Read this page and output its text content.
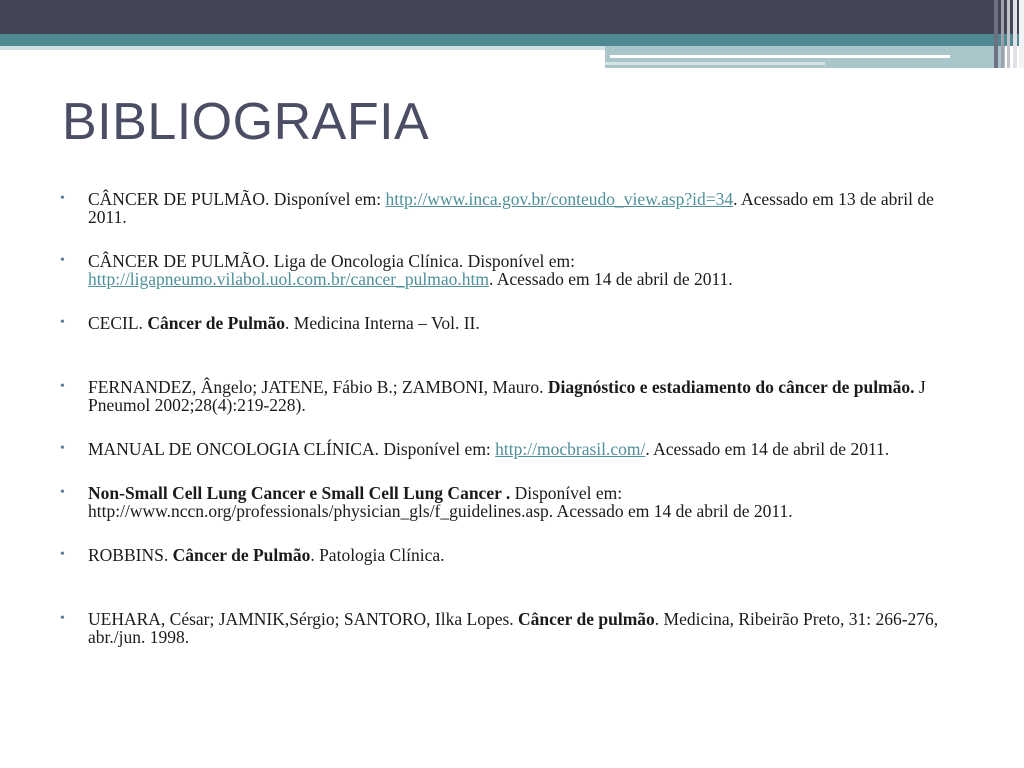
BIBLIOGRAFIA
• CÂNCER DE PULMÃO. Disponível em: http://www.inca.gov.br/conteudo_view.asp?id=34. Acessado em 13 de abril de 2011.
• CÂNCER DE PULMÃO. Liga de Oncologia Clínica. Disponível em: http://ligapneumo.vilabol.uol.com.br/cancer_pulmao.htm. Acessado em 14 de abril de 2011.
• CECIL. Câncer de Pulmão. Medicina Interna – Vol. II.
• FERNANDEZ, Ângelo; JATENE, Fábio B.; ZAMBONI, Mauro. Diagnóstico e estadiamento do câncer de pulmão. J Pneumol 2002;28(4):219-228).
• MANUAL DE ONCOLOGIA CLÍNICA. Disponível em: http://mocbrasil.com/. Acessado em 14 de abril de 2011.
• Non-Small Cell Lung Cancer e Small Cell Lung Cancer . Disponível em: http://www.nccn.org/professionals/physician_gls/f_guidelines.asp. Acessado em 14 de abril de 2011.
• ROBBINS. Câncer de Pulmão. Patologia Clínica.
• UEHARA, César; JAMNIK,Sérgio; SANTORO, Ilka Lopes. Câncer de pulmão. Medicina, Ribeirão Preto, 31: 266-276, abr./jun. 1998.
